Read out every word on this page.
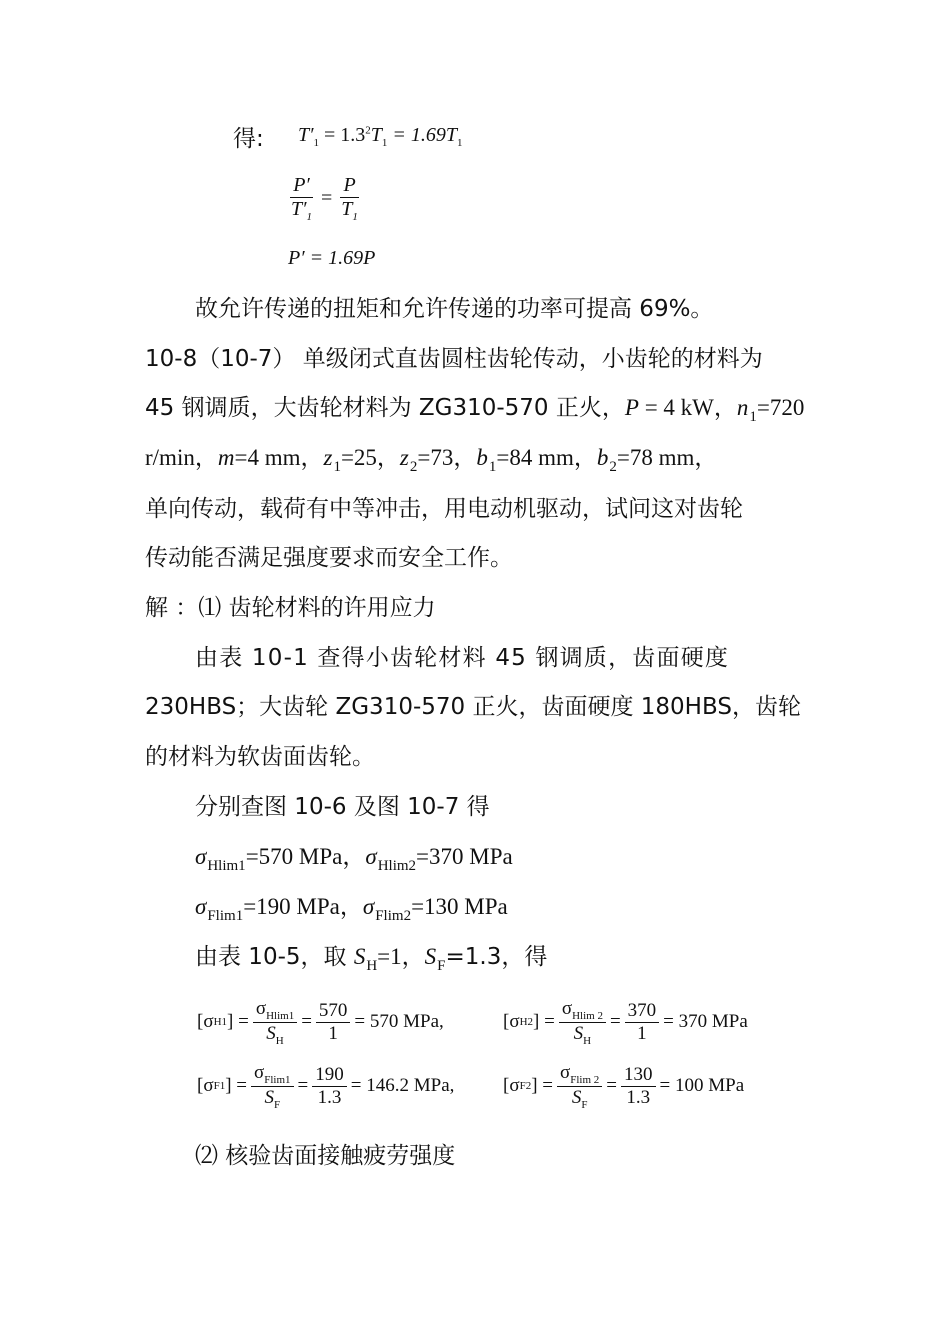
得: $T'_1 = 1.3^2T_1 = 1.69T_1$
$\frac{P'}{T'_1} = \frac{P}{T_1}$
P′ = 1.69P
故允许传递的扭矩和允许传递的功率可提高 69%。
10-8（10-7） 单级闭式直齿圆柱齿轮传动，小齿轮的材料为
45 钢调质，大齿轮材料为 ZG310-570 正火，P = 4 kW，$n_1=720$
r/min，m=4 mm，$z_1=25$，$z_2=73$，$b_1=84$ mm，$b_2=78$ mm，
单向传动，载荷有中等冲击，用电动机驱动，试问这对齿轮
传动能否满足强度要求而安全工作。
解 ：⑴ 齿轮材料的许用应力
由表 10-1 查得小齿轮材料 45 钢调质，齿面硬度
230HBS；大齿轮 ZG310-570 正火，齿面硬度 180HBS，齿轮
的材料为软齿面齿轮。
分别查图 10-6 及图 10-7 得
$\sigma_{Hlim1}=570$ MPa，$\sigma_{Hlim2}=370$ MPa
$\sigma_{Flim1}=190$ MPa，$\sigma_{Flim2}=130$ MPa
由表 10-5，取 $S_H=1$，$S_F=1.3$，得
[σ H1 ] = $\frac{\sigma_{Hlim1}}{S_H} = \frac{570}{1} = 570$ MPa,	[σ H2 ] = $\frac{\sigma_{Hlim 2}}{S_H} = \frac{370}{1} = 370$ MPa
[σ F1 ] = $\frac{\sigma_{Flim1}}{S_F} = \frac{190}{1.3} = 146.2$ MPa,	[σ F2 ] = $\frac{\sigma_{Flim 2}}{S_F} = \frac{130}{1.3} = 100$ MPa
⑵ 核验齿面接触疲劳强度
